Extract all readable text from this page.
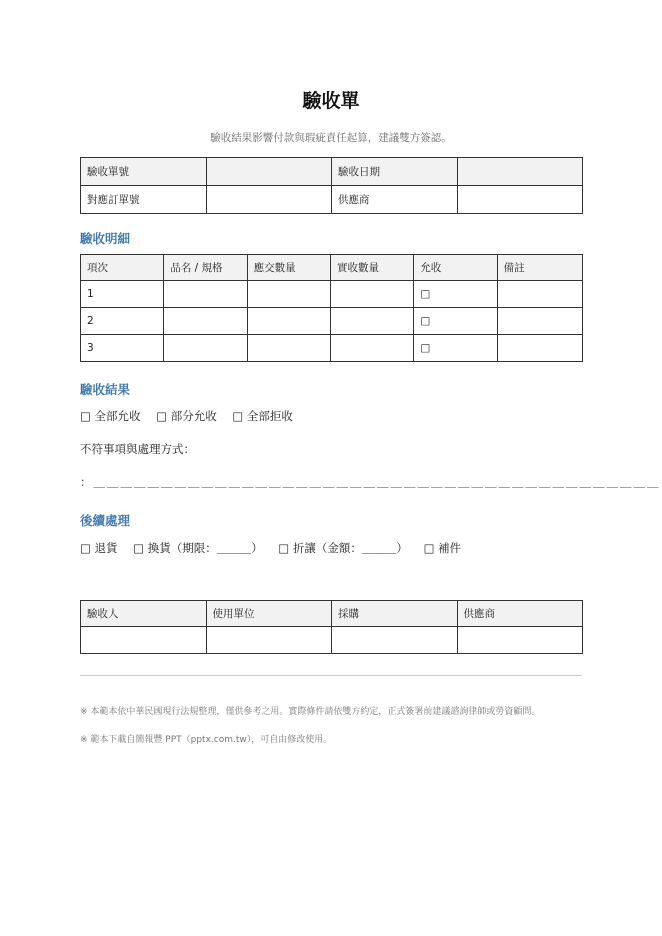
驗收單
驗收結果影響付款與瑕疵責任起算，建議雙方簽認。
驗收單號		驗收日期	
對應訂單號		供應商	
驗收明細
項次	品名 / 規格	應交數量	實收數量	允收	備註
1				□	
2				□	
3				□	
驗收結果
□ 全部允收 □ 部分允收 □ 全部拒收
不符事項與處理方式：
：＿＿＿＿＿＿＿＿＿＿＿＿＿＿＿＿＿＿＿＿＿＿＿＿＿＿＿＿＿＿＿＿＿＿＿＿＿＿＿＿＿＿
後續處理
□ 退貨 □ 換貨（期限：＿＿＿） □ 折讓（金額：＿＿＿） □ 補件
驗收人	使用單位	採購	供應商

※ 本範本依中華民國現行法規整理，僅供參考之用。實際條件請依雙方約定，正式簽署前建議諮詢律師或勞資顧問。
※ 範本下載自簡報豐 PPT（pptx.com.tw），可自由修改使用。
